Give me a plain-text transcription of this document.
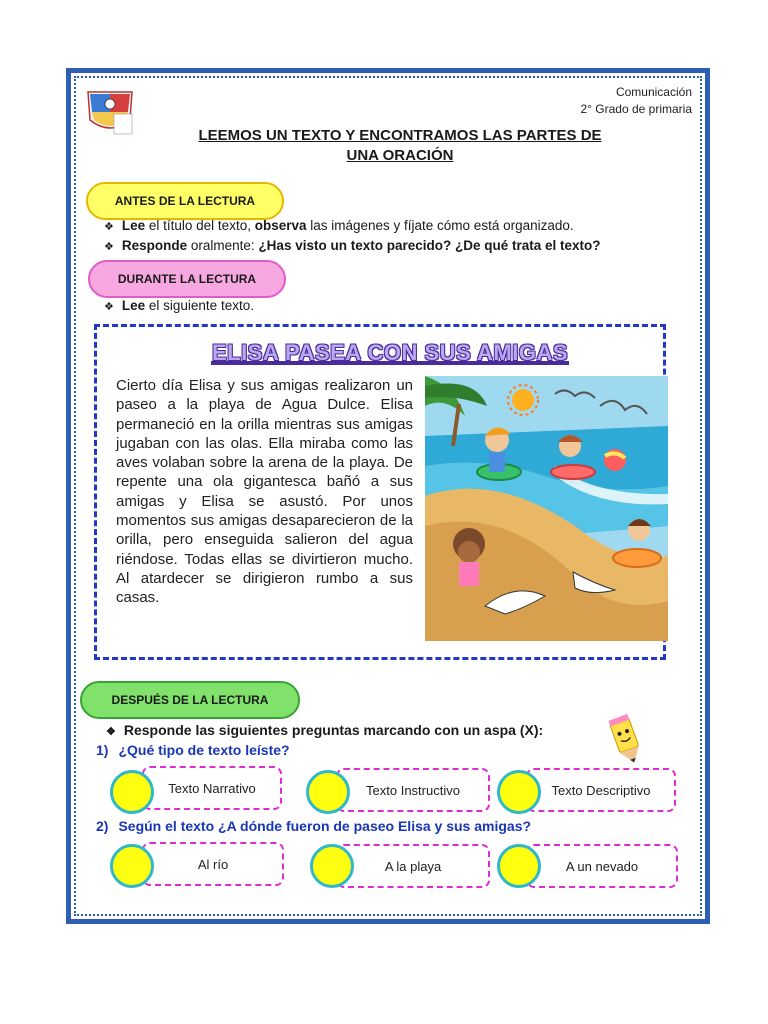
Comunicación
2° Grado de primaria
LEEMOS UN TEXTO Y ENCONTRAMOS LAS PARTES DE
UNA ORACIÓN
ANTES DE LA LECTURA
❖ Lee el título del texto, observa las imágenes y fíjate cómo está organizado.
❖ Responde oralmente: ¿Has visto un texto parecido? ¿De qué trata el texto?
DURANTE LA LECTURA
❖ Lee el siguiente texto.
ELISA PASEA CON SUS AMIGAS
Cierto día Elisa y sus amigas realizaron un paseo a la playa de Agua Dulce. Elisa permaneció en la orilla mientras sus amigas jugaban con las olas. Ella miraba como las aves volaban sobre la arena de la playa. De repente una ola gigantesca bañó a sus amigas y Elisa se asustó. Por unos momentos sus amigas desaparecieron de la orilla, pero enseguida salieron del agua riéndose. Todas ellas se divirtieron mucho. Al atardecer se dirigieron rumbo a sus casas.
DESPUÉS DE LA LECTURA
❖ Responde las siguientes preguntas marcando con un aspa (X):
1) ¿Qué tipo de texto leíste?
Texto Narrativo	Texto Instructivo	Texto Descriptivo
2) Según el texto ¿A dónde fueron de paseo Elisa y sus amigas?
Al río	A la playa	A un nevado
